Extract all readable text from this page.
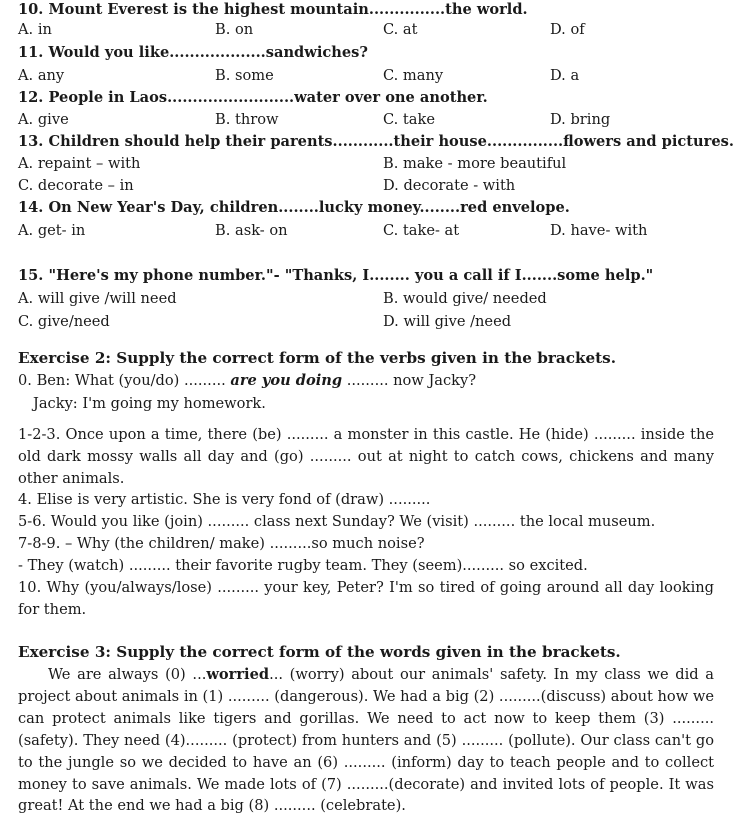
10. Mount Everest is the highest mountain...............the world.
A. in	B. on	C. at	D. of
11. Would you like...................sandwiches?
A. any	B. some	C. many	D. a
12. People in Laos.........................water over one another.
A. give	B. throw	C. take	D. bring
13. Children should help their parents............their house...............flowers and pictures.
A. repaint – with	B. make - more beautiful
C. decorate – in	D. decorate - with
14. On New Year's Day, children........lucky money........red envelope.
A. get- in	B. ask- on	C. take- at	D. have- with
15. "Here's my phone number."- "Thanks, I........ you a call if I.......some help."
A. will give /will need	B. would give/ needed
C. give/need	D. will give /need
Exercise 2: Supply the correct form of the verbs given in the brackets.
0. Ben: What (you/do) ......... are you doing ......... now Jacky?
Jacky: I'm going my homework.
1-2-3. Once upon a time, there (be) ......... a monster in this castle. He (hide) ......... inside the old dark mossy walls all day and (go) ......... out at night to catch cows, chickens and many other animals.
4. Elise is very artistic. She is very fond of (draw) .........
5-6. Would you like (join) ......... class next Sunday? We (visit) ......... the local museum.
7-8-9. – Why (the children/ make) .........so much noise?
- They (watch) ......... their favorite rugby team. They (seem)......... so excited.
10. Why (you/always/lose) ......... your key, Peter? I'm so tired of going around all day looking for them.
Exercise 3: Supply the correct form of the words given in the brackets.
We are always (0) ...worried... (worry) about our animals' safety. In my class we did a project about animals in (1) ......... (dangerous). We had a big (2) .........(discuss) about how we can protect animals like tigers and gorillas. We need to act now to keep them (3) ......... (safety). They need (4)......... (protect) from hunters and (5) ......... (pollute). Our class can't go to the jungle so we decided to have an (6) ......... (inform) day to teach people and to collect money to save animals. We made lots of (7) .........(decorate) and invited lots of people. It was great! At the end we had a big (8) ......... (celebrate).
